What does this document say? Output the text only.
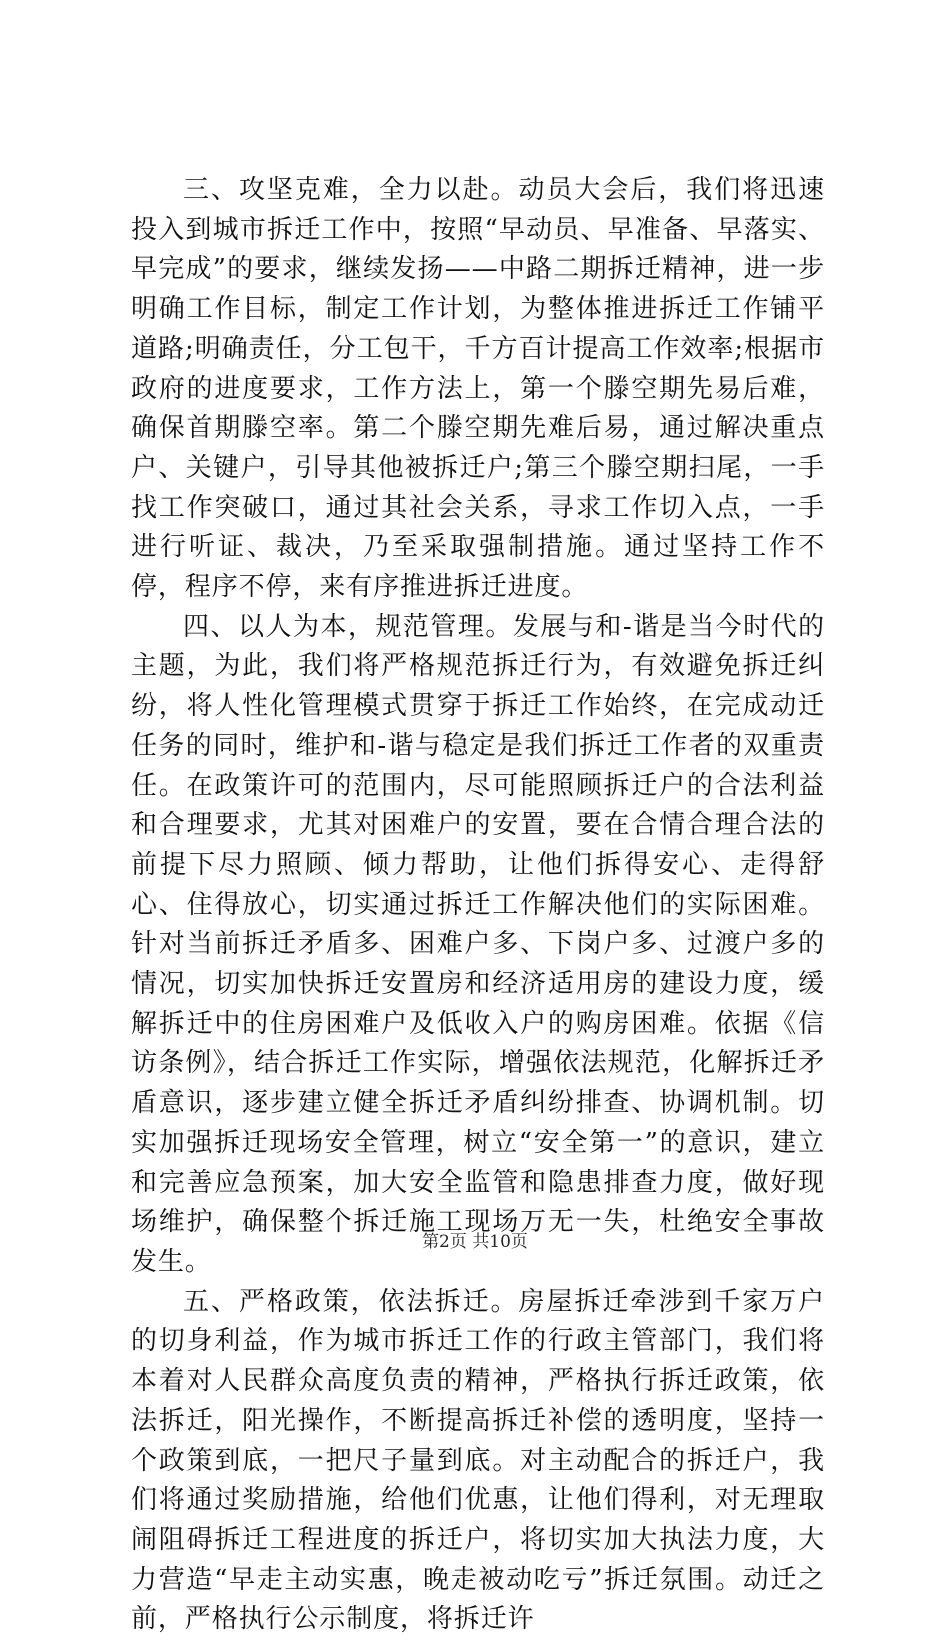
三、攻坚克难，全力以赴。动员大会后，我们将迅速投入到城市拆迁工作中，按照“早动员、早准备、早落实、早完成”的要求，继续发扬——中路二期拆迁精神，进一步明确工作目标，制定工作计划，为整体推进拆迁工作铺平道路;明确责任，分工包干，千方百计提高工作效率;根据市政府的进度要求，工作方法上，第一个滕空期先易后难，确保首期滕空率。第二个滕空期先难后易，通过解决重点户、关键户，引导其他被拆迁户;第三个滕空期扫尾，一手找工作突破口，通过其社会关系，寻求工作切入点，一手进行听证、裁决，乃至采取强制措施。通过坚持工作不停，程序不停，来有序推进拆迁进度。

四、以人为本，规范管理。发展与和-谐是当今时代的主题，为此，我们将严格规范拆迁行为，有效避免拆迁纠纷，将人性化管理模式贯穿于拆迁工作始终，在完成动迁任务的同时，维护和-谐与稳定是我们拆迁工作者的双重责任。在政策许可的范围内，尽可能照顾拆迁户的合法利益和合理要求，尤其对困难户的安置，要在合情合理合法的前提下尽力照顾、倾力帮助，让他们拆得安心、走得舒心、住得放心，切实通过拆迁工作解决他们的实际困难。针对当前拆迁矛盾多、困难户多、下岗户多、过渡户多的情况，切实加快拆迁安置房和经济适用房的建设力度，缓解拆迁中的住房困难户及低收入户的购房困难。依据《信访条例》，结合拆迁工作实际，增强依法规范，化解拆迁矛盾意识，逐步建立健全拆迁矛盾纠纷排查、协调机制。切实加强拆迁现场安全管理，树立“安全第一”的意识，建立和完善应急预案，加大安全监管和隐患排查力度，做好现场维护，确保整个拆迁施工现场万无一失，杜绝安全事故发生。

五、严格政策，依法拆迁。房屋拆迁牵涉到千家万户的切身利益，作为城市拆迁工作的行政主管部门，我们将本着对人民群众高度负责的精神，严格执行拆迁政策，依法拆迁，阳光操作，不断提高拆迁补偿的透明度，坚持一个政策到底，一把尺子量到底。对主动配合的拆迁户，我们将通过奖励措施，给他们优惠，让他们得利，对无理取闹阻碍拆迁工程进度的拆迁户，将切实加大执法力度，大力营造“早走主动实惠，晚走被动吃亏”拆迁氛围。动迁之前，严格执行公示制度，将拆迁许

第2页 共10页
